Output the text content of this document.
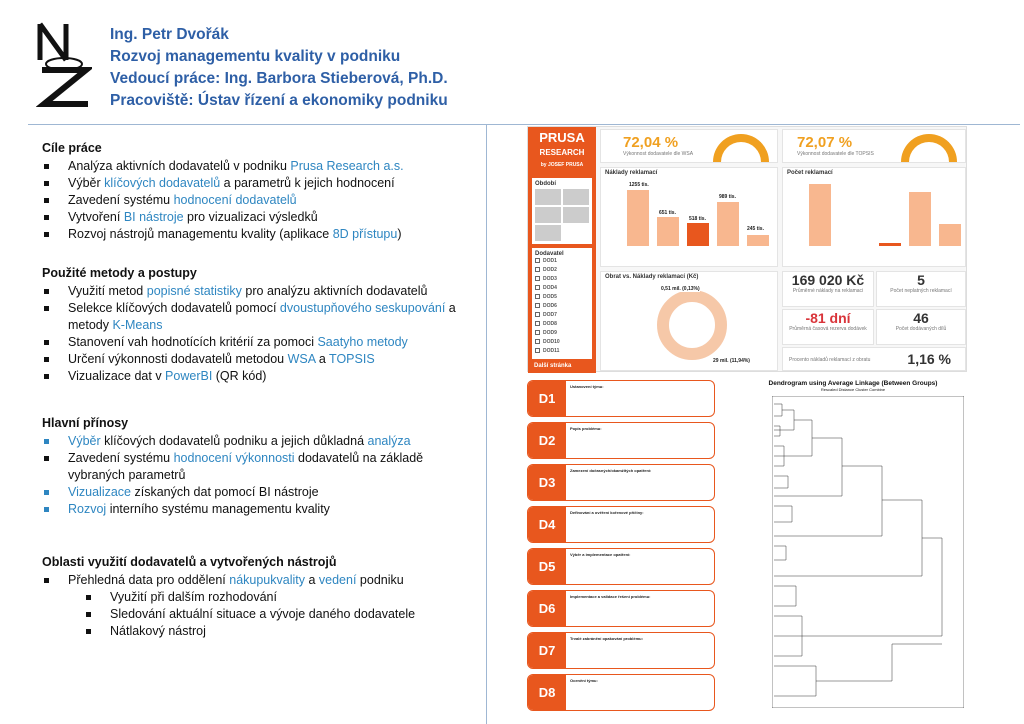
Ing. Petr Dvořák
Rozvoj managementu kvality v podniku
Vedoucí práce: Ing. Barbora Stieberová, Ph.D.
Pracoviště: Ústav řízení a ekonomiky podniku
Cíle práce
Analýza aktivních dodavatelů v podniku Prusa Research a.s.
Výběr klíčových dodavatelů a parametrů k jejich hodnocení
Zavedení systému hodnocení dodavatelů
Vytvoření BI nástroje pro vizualizaci výsledků
Rozvoj nástrojů managementu kvality (aplikace 8D přístupu)
Použité metody a postupy
Využití metod popisné statistiky pro analýzu aktivních dodavatelů
Selekce klíčových dodavatelů pomocí dvoustupňového seskupování a metody K-Means
Stanovení vah hodnotících kritérií za pomoci Saatyho metody
Určení výkonnosti dodavatelů metodou WSA a TOPSIS
Vizualizace dat v PowerBI (QR kód)
Hlavní přínosy
Výběr klíčových dodavatelů podniku a jejich důkladná analýza
Zavedení systému hodnocení výkonnosti dodavatelů na základě vybraných parametrů
Vizualizace získaných dat pomocí BI nástroje
Rozvoj interního systému managementu kvality
Oblasti využití dodavatelů a vytvořených nástrojů
Přehledná data pro oddělení nákupukvality a vedení podniku
Využití při dalším rozhodování
Sledování aktuální situace a vývoje daného dodavatele
Nátlakový nástroj
PRUSA
RESEARCH
by JOSEF PRUSA
Období
Dodavatel
DOD1
DOD2
DOD3
DOD4
DOD5
DOD6
DOD7
DOD8
DOD9
DOD10
DOD11
Další stránka
72,04 %
Výkonnost dodavatele dle WSA
72,07 %
Výkonnost dodavatele dle TOPSIS
Náklady reklamací
1255 tis.
651 tis.
518 tis.
989 tis.
245 tis.
Počet reklamací
Obrat vs. Náklady reklamací (Kč)
0,51 mil. (0,13%)
29 mil. (11,94%)
169 020 Kč
Průměrné náklady na reklamaci
5
Počet neplatných reklamací
-81 dní
Průměrná časová rezerva dodávek
46
Počet dodávaných dílů
Procento nákladů reklamací z obratu	1,16 %
D1
Ustanovení týmu:
D2
Popis problému:
D3
Zamezení dočasných/okamžitých opatření:
D4
Definování a ověření kořenové příčiny:
D5
Výběr a implementace opatření:
D6
Implementace a validace řešení problému:
D7
Trvalé zabránění opakování problému:
D8
Ocenění týmu:
Dendrogram using Average Linkage (Between Groups)
Rescaled Distance Cluster Combine
